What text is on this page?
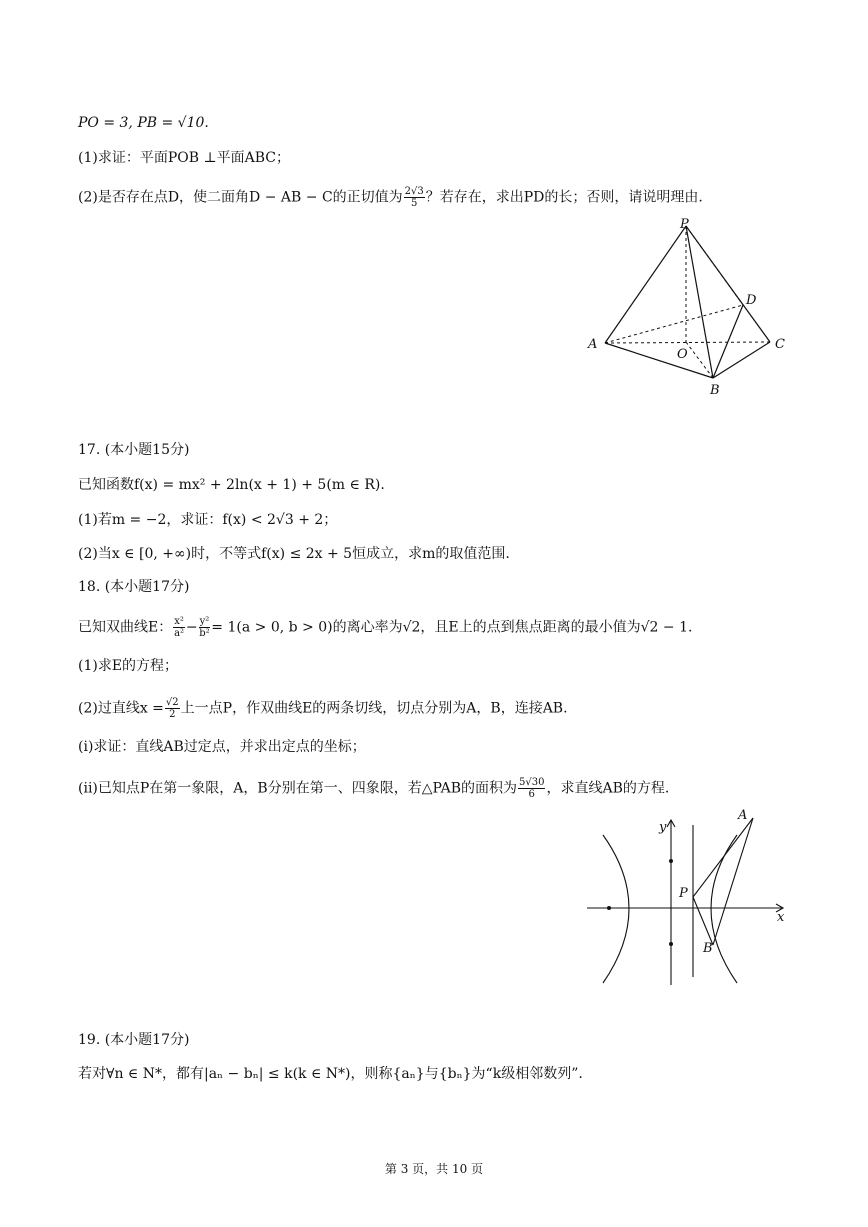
PO = 3, PB = √10.
(1)求证：平面POB ⊥平面ABC；
(2)是否存在点D，使二面角D − AB − C的正切值为 $\frac{2√3}{5}$ ？若存在，求出PD的长；否则，请说明理由.
P
A
O
B
C
D
17. (本小题15分)
已知函数f(x) = mx² + 2ln(x + 1) + 5(m ∈ R).
(1)若m = −2，求证：f(x) < 2√3 + 2；
(2)当x ∈ [0, +∞)时，不等式f(x) ≤ 2x + 5恒成立，求m的取值范围.
18. (本小题17分)
已知双曲线E： $\frac{\text{x²}}{\text{a²}} - \frac{\text{y²}}{\text{b²}} = 1(a > 0$, b > 0)的离心率为√2，且E上的点到焦点距离的最小值为√2 − 1.
(1)求E的方程；
(2)过直线$x = \frac{√2}{2}$ 上一点P，作双曲线E的两条切线，切点分别为A，B，连接AB.
(i)求证：直线AB过定点，并求出定点的坐标；
(ii)已知点P在第一象限，A，B分别在第一、四象限，若△PAB的面积为 $\frac{5√30}{6}$ ，求直线AB的方程.
y
x
P
A
B
19. (本小题17分)
若对∀n ∈ N*，都有|aₙ − bₙ| ≤ k(k ∈ N*)，则称{aₙ}与{bₙ}为“k级相邻数列”.
第 3 页，共 10 页
